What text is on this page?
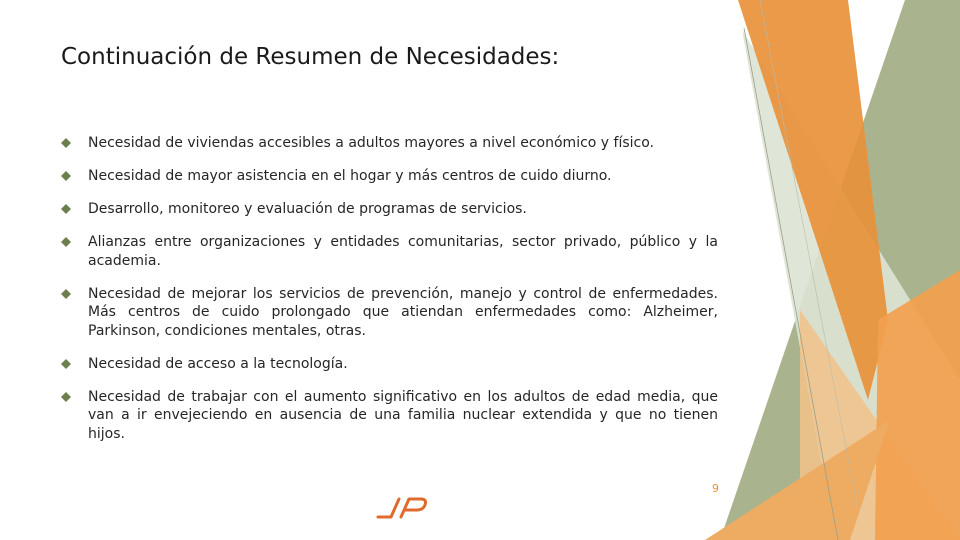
Continuación de Resumen de Necesidades:
Necesidad de viviendas accesibles a adultos mayores a nivel económico y físico.
Necesidad de mayor asistencia en el hogar y más centros de cuido diurno.
Desarrollo, monitoreo y evaluación de programas de servicios.
Alianzas entre organizaciones y entidades comunitarias, sector privado, público y la academia.
Necesidad de mejorar los servicios de prevención, manejo y control de enfermedades. Más centros de cuido prolongado que atiendan enfermedades como: Alzheimer, Parkinson, condiciones mentales, otras.
Necesidad de acceso a la tecnología.
Necesidad de trabajar con el aumento significativo en los adultos de edad media, que van a ir envejeciendo en ausencia de una familia nuclear extendida y que no tienen hijos.
9
